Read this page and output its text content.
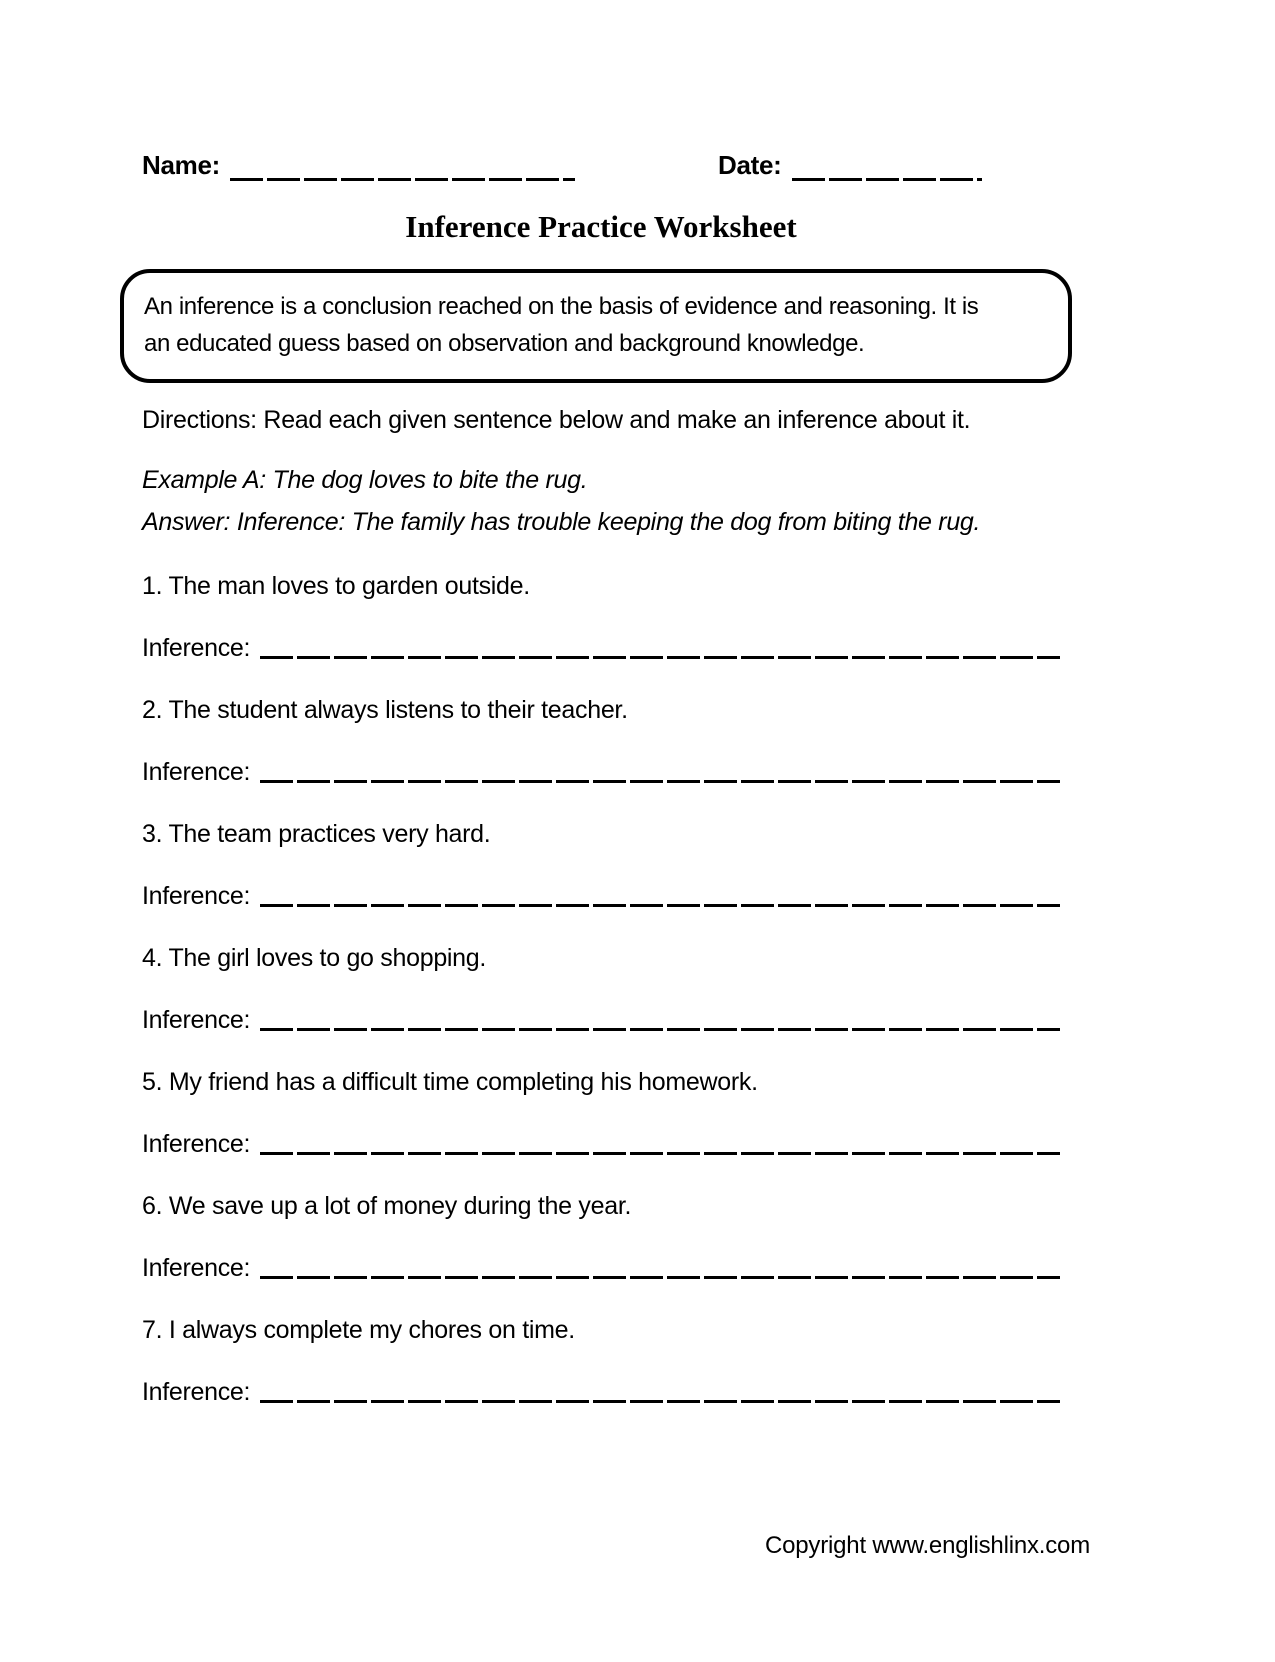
Name:	Date:
Inference Practice Worksheet
An inference is a conclusion reached on the basis of evidence and reasoning. It is
an educated guess based on observation and background knowledge.
Directions: Read each given sentence below and make an inference about it.
Example A: The dog loves to bite the rug.
Answer: Inference: The family has trouble keeping the dog from biting the rug.
1. The man loves to garden outside.
Inference:
2. The student always listens to their teacher.
Inference:
3. The team practices very hard.
Inference:
4. The girl loves to go shopping.
Inference:
5. My friend has a difficult time completing his homework.
Inference:
6. We save up a lot of money during the year.
Inference:
7. I always complete my chores on time.
Inference:
Copyright www.englishlinx.com
